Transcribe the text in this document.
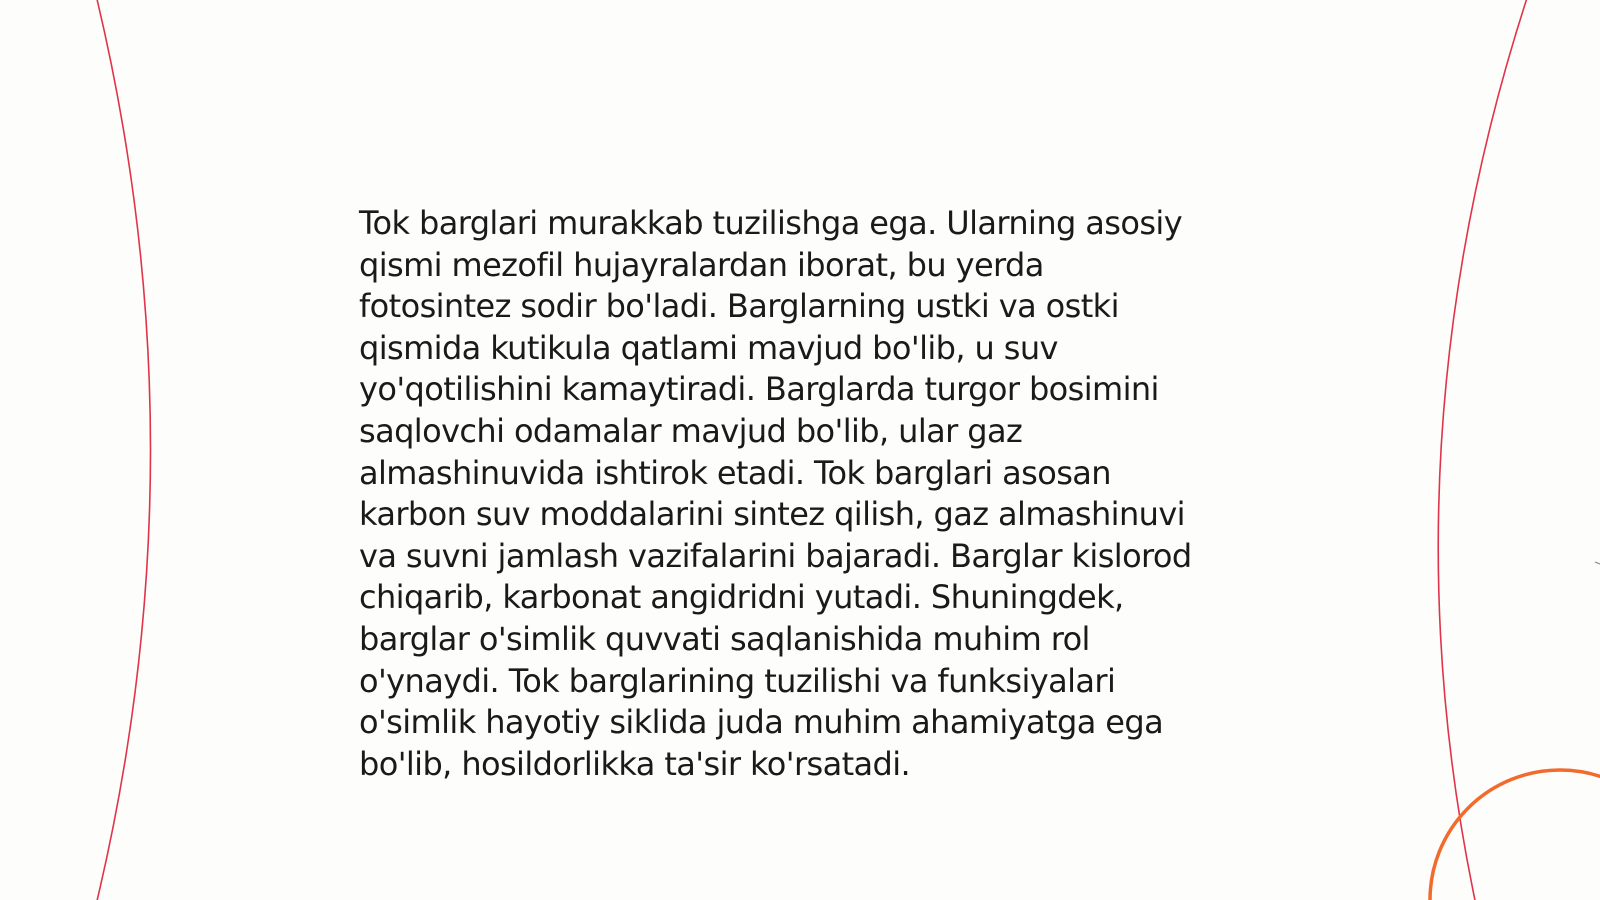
Tok barglari murakkab tuzilishga ega. Ularning asosiy
qismi mezofil hujayralardan iborat, bu yerda
fotosintez sodir bo'ladi. Barglarning ustki va ostki
qismida kutikula qatlami mavjud bo'lib, u suv
yo'qotilishini kamaytiradi. Barglarda turgor bosimini
saqlovchi odamalar mavjud bo'lib, ular gaz
almashinuvida ishtirok etadi. Tok barglari asosan
karbon suv moddalarini sintez qilish, gaz almashinuvi
va suvni jamlash vazifalarini bajaradi. Barglar kislorod
chiqarib, karbonat angidridni yutadi. Shuningdek,
barglar o'simlik quvvati saqlanishida muhim rol
o'ynaydi. Tok barglarining tuzilishi va funksiyalari
o'simlik hayotiy siklida juda muhim ahamiyatga ega
bo'lib, hosildorlikka ta'sir ko'rsatadi.
